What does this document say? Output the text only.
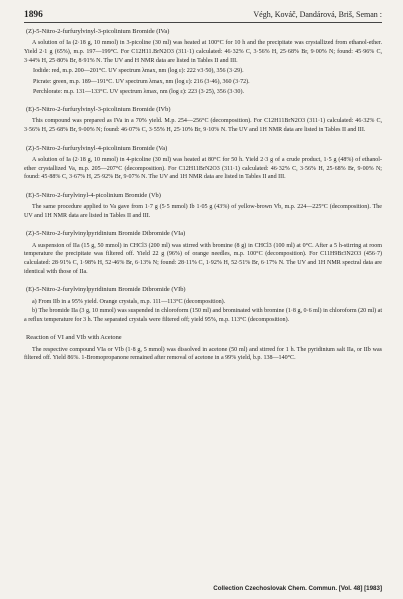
1896	Végh, Kováč, Dandárová, Briš, Seman :
(Z)-5-Nitro-2-furfurylvinyl-3-picolinium Bromide (IVa)

A solution of Ia (2·18 g, 10 mmol) in 3-picoline (30 ml) was heated at 100°C for 10 h and the precipitate was crystallized from ethanol-ether. Yield 2·1 g (65%), m.p. 197—199°C. For C12H11.BrN2O3 (311·1) calculated: 46·32% C, 3·56% H, 25·68% Br, 9·00% N; found: 45·96% C, 3·44% H, 25·80% Br, 8·91% N. The UV and H NMR data are listed in Tables II and III.

Iodide: red, m.p. 200—201°C. UV spectrum λmax, nm (log ε): 222 v3·50), 356 (3·29).

Picrate: green, m.p. 189—191°C. UV spectrum λmax, nm (log ε): 216 (3·46), 360 (3·72).

Perchlorate: m.p. 131—133°C. UV spectrum λmax, nm (log ε): 223 (3·25), 356 (3·30).

(E)-5-Nitro-2-furfurylvinyl-3-picolinium Bromide (IVb)

This compound was prepared as IVa in a 70% yield. M.p. 254—256°C (decomposition). For C12H11BrN2O3 (311·1) calculated: 46·32% C, 3·56% H, 25·68% Br, 9·00% N; found: 46·07% C, 3·55% H, 25·10% Br, 9·10% N. The UV and 1H NMR data are listed in Tables II and III.

(Z)-5-Nitro-2-furfurylvinyl-4-picolinium Bromide (Va)

A solution of Ia (2·18 g, 10 mmol) in 4-picoline (30 ml) was heated at 80°C for 50 h. Yield 2·3 g of a crude product, 1·5 g (48%) of ethanol-ether crystallized Va, m.p. 205—207°C (decomposition). For C12H11BrN2O3 (311·1) calculated: 46·32% C, 3·56% H, 25·68% Br, 9·00% N; found: 45·88% C, 3·67% H, 25·92% Br, 9·07% N. The UV and 1H NMR data are listed in Tables II and III.

(E)-5-Nitro-2-furylvinyl-4-picolinium Bromide (Vb)

The same procedure applied to Va gave from 1·7 g (5·5 mmol) Ib 1·05 g (43%) of yellow-brown Vb, m.p. 224—225°C (decomposition). The UV and 1H NMR data are listed in Tables II and III.

(Z)-5-Nitro-2-furylvinylpyridinium Bromide Dibromide (VIa)

A suspension of IIa (15 g, 50 mmol) in CHCl3 (200 ml) was stirred with bromine (8 g) in CHCl3 (100 ml) at 0°C. After a 5 h-stirring at room temperature the precipitate was filtered off. Yield 22 g (96%) of orange needles, m.p. 100°C (decomposition). For C11H9Br3N2O3 (456·7) calculated: 28·91% C, 1·98% H, 52·46% Br, 6·13% N; found: 28·11% C, 1·92% H, 52·51% Br, 6·17% N. The UV and 1H NMR spectral data are identical with those of IIa.

(E)-5-Nitro-2-furylvinylpyridinium Bromide Dibromide (VIb)

a) From IIb in a 95% yield. Orange crystals, m.p. 111—113°C (decomposition).

b) The bromide IIa (3 g, 10 mmol) was suspended in chloroform (150 ml) and brominated with bromine (1·8 g, 0·6 ml) in chloroform (20 ml) at a reflux temperature for 3 h. The separated crystals were filtered off; yield 95%, m.p. 113°C (decomposition).

Reaction of VI and VIb with Acetone

The respective compound VIa or VIb (1·8 g, 5 mmol) was dissolved in acetone (50 ml) and stirred for 1 h. The pyridinium salt IIa, or IIb was filtered off. Yield 86%. 1-Bromopropanone remained after removal of acetone in a 99% yield, b.p. 138—140°C.

Collection Czechoslovak Chem. Commun. [Vol. 48] [1983]
